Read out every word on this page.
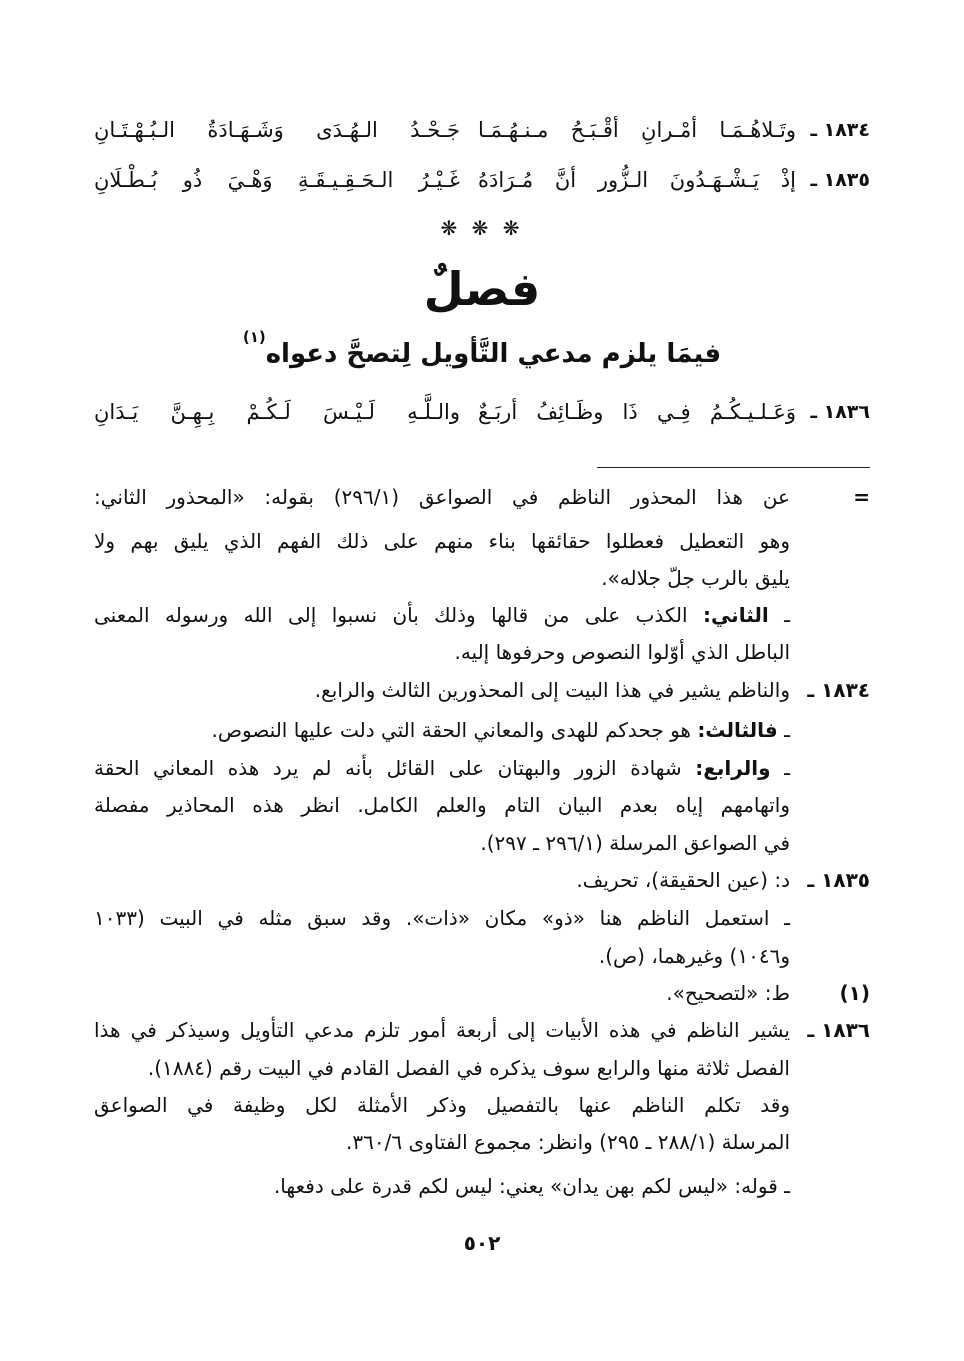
١٨٣٤ ـ
وتَـلاهُـمَـا أمْـرانِ أقْـبَـحُ مـنـهُـمَـا
جَـحْـدُ الـهُـدَى وَشَـهَـادَةُ الـبُـهْـتَـانِ
١٨٣٥ ـ
إذْ يَـشْـهَـدُونَ الـزُّور أنَّ مُـرَادَهُ
غَـيْـرُ الـحَـقِـيـقَـةِ وَهْـيَ ذُو بُـطْـلَانِ
❋ ❋ ❋
فصلٌ
فيمَا يلزم مدعي التَّأويل لِتصحَّ دعواه$^{(١)}$
١٨٣٦ ـ
وَعَـلـيـكُـمُ فِـي ذَا وظَـائِفُ أربَـعٌ
والـلَّـهِ لَـيْـسَ لَـكُـمْ بِـهِـنَّ يَـدَانِ
=
عن هذا المحذور الناظم في الصواعق (٢٩٦/١) بقوله: «المحذور الثاني:
وهو التعطيل فعطلوا حقائقها بناء منهم على ذلك الفهم الذي يليق بهم ولا
يليق بالرب جلّ جلاله».
ـ الثاني: الكذب على من قالها وذلك بأن نسبوا إلى الله ورسوله المعنى
الباطل الذي أوّلوا النصوص وحرفوها إليه.
١٨٣٤ ـ
والناظم يشير في هذا البيت إلى المحذورين الثالث والرابع.
ـ فالثالث: هو جحدكم للهدى والمعاني الحقة التي دلت عليها النصوص.
ـ والرابع: شهادة الزور والبهتان على القائل بأنه لم يرد هذه المعاني الحقة
واتهامهم إياه بعدم البيان التام والعلم الكامل. انظر هذه المحاذير مفصلة
في الصواعق المرسلة (٢٩٦/١ ـ ٢٩٧).
١٨٣٥ ـ
د: (عين الحقيقة)، تحريف.
ـ استعمل الناظم هنا «ذو» مكان «ذات». وقد سبق مثله في البيت (١٠٣٣
و١٠٤٦) وغيرهما، (ص).
(١)
ط: «لتصحيح».
١٨٣٦ ـ
يشير الناظم في هذه الأبيات إلى أربعة أمور تلزم مدعي التأويل وسيذكر في هذا
الفصل ثلاثة منها والرابع سوف يذكره في الفصل القادم في البيت رقم (١٨٨٤).
وقد تكلم الناظم عنها بالتفصيل وذكر الأمثلة لكل وظيفة في الصواعق
المرسلة (٢٨٨/١ ـ ٢٩٥) وانظر: مجموع الفتاوى ٣٦٠/٦.
ـ قوله: «ليس لكم بهن يدان» يعني: ليس لكم قدرة على دفعها.
٥٠٢
